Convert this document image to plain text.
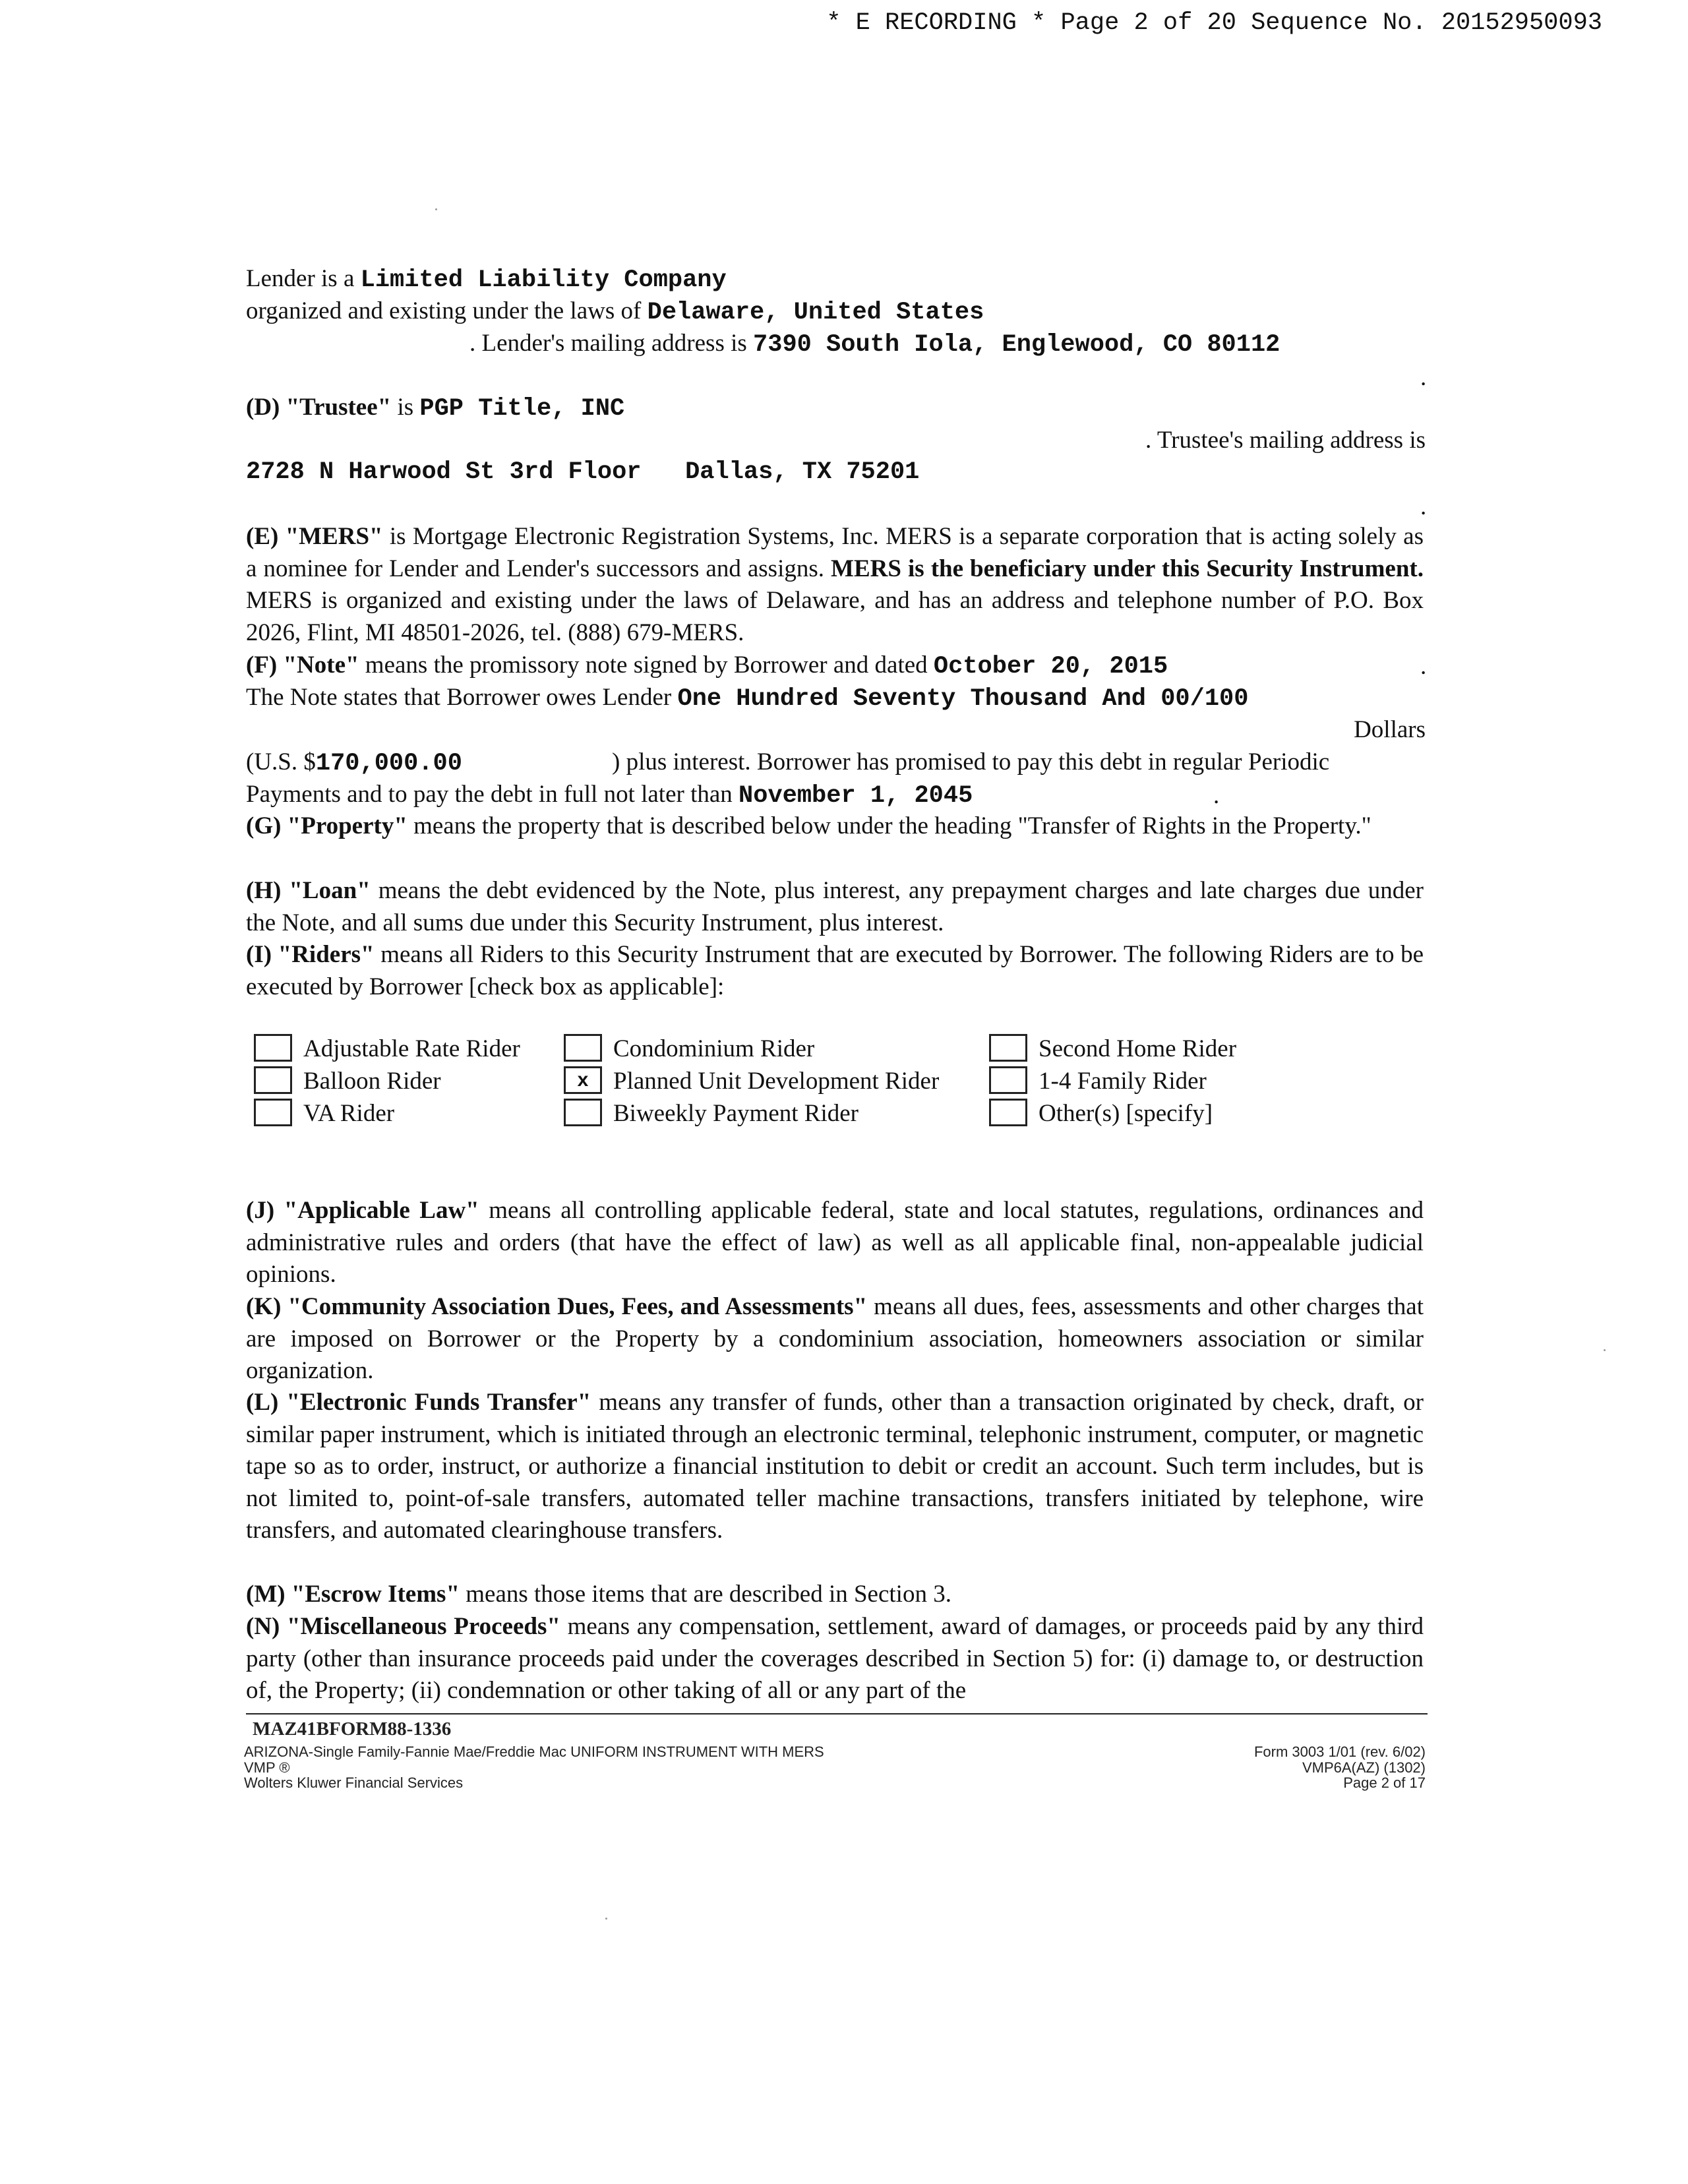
* E RECORDING * Page 2 of 20 Sequence No. 20152950093
Lender is a Limited Liability Company
organized and existing under the laws of Delaware, United States
. Lender's mailing address is 7390 South Iola, Englewood, CO 80112
.
(D) "Trustee" is PGP Title, INC
. Trustee's mailing address is
2728 N Harwood St 3rd Floor   Dallas, TX 75201
.
(E) "MERS" is Mortgage Electronic Registration Systems, Inc. MERS is a separate corporation that is acting solely as a nominee for Lender and Lender's successors and assigns. MERS is the beneficiary under this Security Instrument. MERS is organized and existing under the laws of Delaware, and has an address and telephone number of P.O. Box 2026, Flint, MI 48501-2026, tel. (888) 679-MERS.
(F) "Note" means the promissory note signed by Borrower and dated October 20, 2015	.
The Note states that Borrower owes Lender One Hundred Seventy Thousand And 00/100
Dollars
(U.S. $170,000.00	) plus interest. Borrower has promised to pay this debt in regular Periodic
Payments and to pay the debt in full not later than November 1, 2045	.
(G) "Property" means the property that is described below under the heading "Transfer of Rights in the Property."
(H) "Loan" means the debt evidenced by the Note, plus interest, any prepayment charges and late charges due under the Note, and all sums due under this Security Instrument, plus interest.
(I) "Riders" means all Riders to this Security Instrument that are executed by Borrower. The following Riders are to be executed by Borrower [check box as applicable]:
Adjustable Rate Rider	Condominium Rider	Second Home Rider
Balloon Rider	x	Planned Unit Development Rider	1-4 Family Rider
VA Rider	Biweekly Payment Rider	Other(s) [specify]
(J) "Applicable Law" means all controlling applicable federal, state and local statutes, regulations, ordinances and administrative rules and orders (that have the effect of law) as well as all applicable final, non-appealable judicial opinions.
(K) "Community Association Dues, Fees, and Assessments" means all dues, fees, assessments and other charges that are imposed on Borrower or the Property by a condominium association, homeowners association or similar organization.
(L) "Electronic Funds Transfer" means any transfer of funds, other than a transaction originated by check, draft, or similar paper instrument, which is initiated through an electronic terminal, telephonic instrument, computer, or magnetic tape so as to order, instruct, or authorize a financial institution to debit or credit an account. Such term includes, but is not limited to, point-of-sale transfers, automated teller machine transactions, transfers initiated by telephone, wire transfers, and automated clearinghouse transfers.
(M) "Escrow Items" means those items that are described in Section 3.
(N) "Miscellaneous Proceeds" means any compensation, settlement, award of damages, or proceeds paid by any third party (other than insurance proceeds paid under the coverages described in Section 5) for: (i) damage to, or destruction of, the Property; (ii) condemnation or other taking of all or any part of the
MAZ41BFORM88-1336
ARIZONA-Single Family-Fannie Mae/Freddie Mac UNIFORM INSTRUMENT WITH MERS
VMP ®
Wolters Kluwer Financial Services
Form 3003 1/01 (rev. 6/02)
VMP6A(AZ) (1302)
Page 2 of 17
